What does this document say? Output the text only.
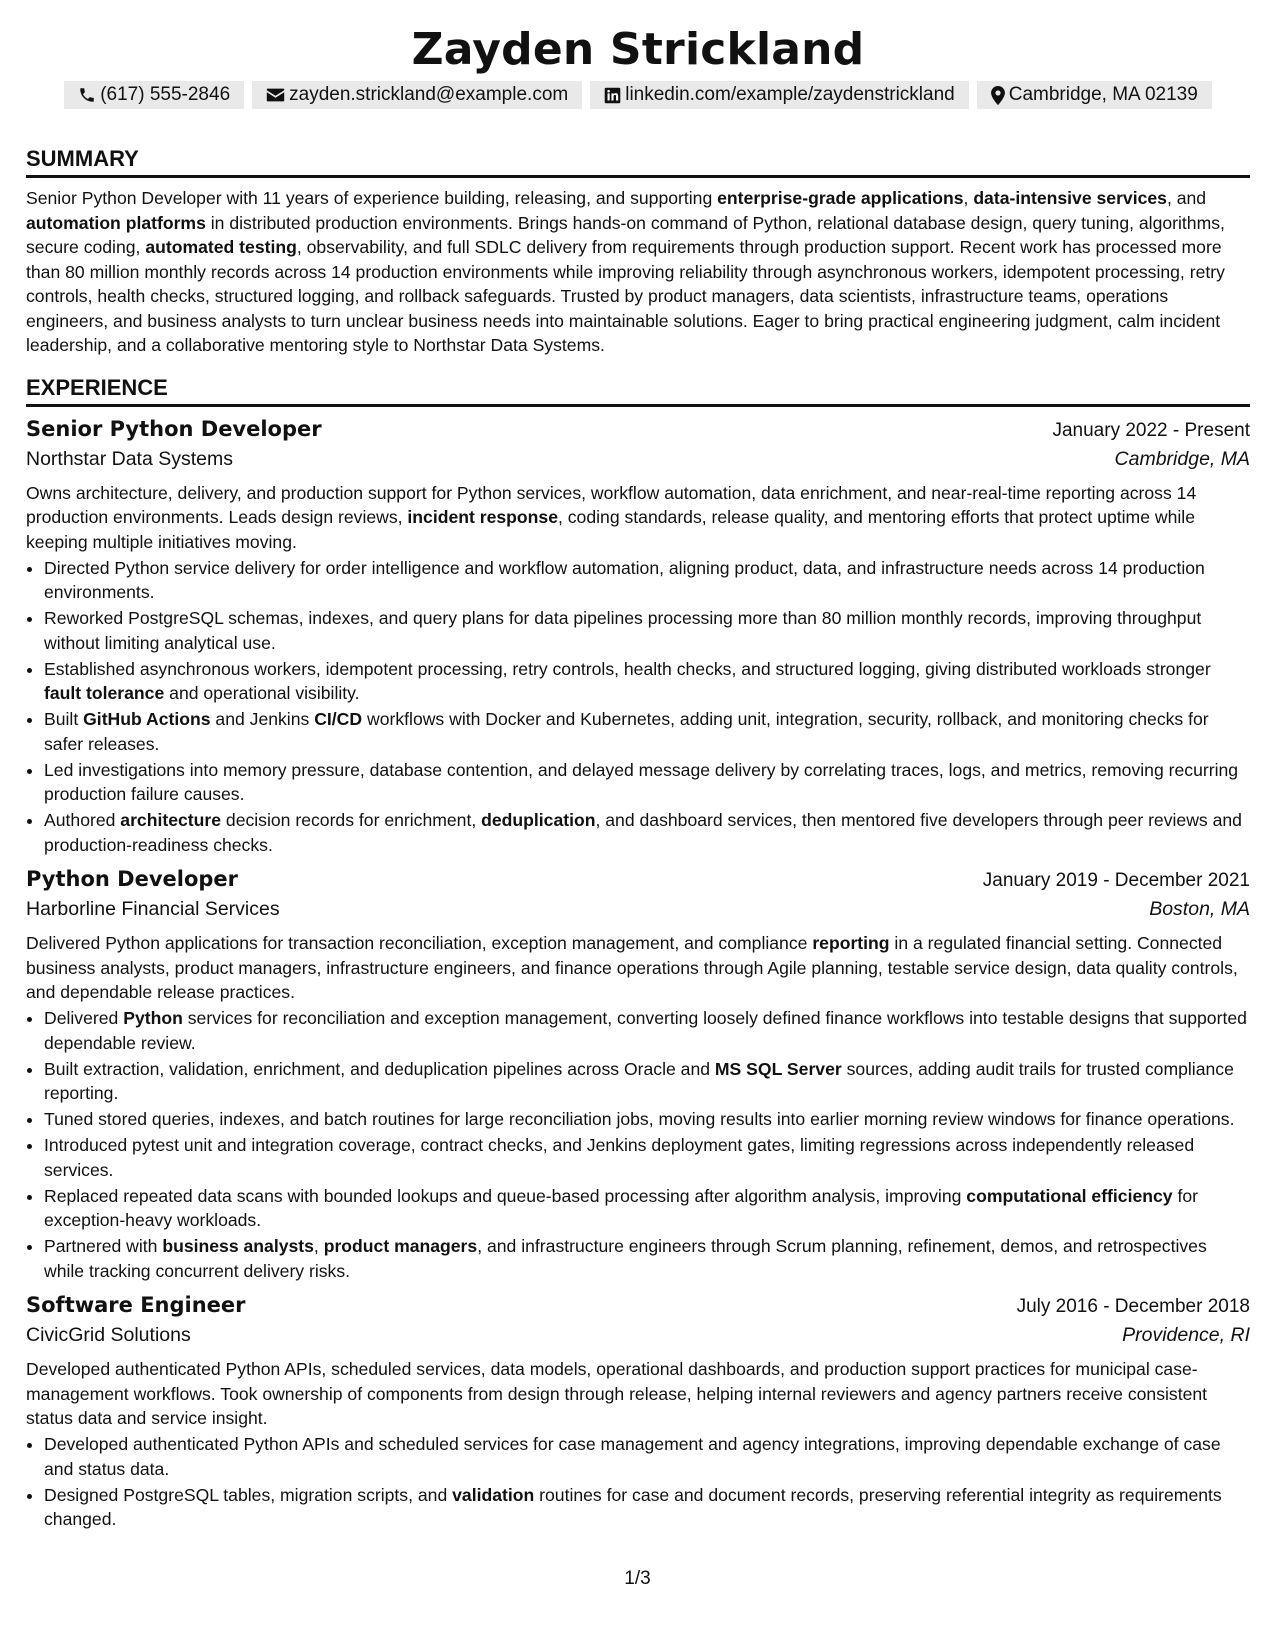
Zayden Strickland
(617) 555-2846	zayden.strickland@example.com	linkedin.com/example/zaydenstrickland	Cambridge, MA 02139
SUMMARY

Senior Python Developer with 11 years of experience building, releasing, and supporting enterprise-grade applications, data-intensive services, and automation platforms in distributed production environments. Brings hands-on command of Python, relational database design, query tuning, algorithms, secure coding, automated testing, observability, and full SDLC delivery from requirements through production support. Recent work has processed more than 80 million monthly records across 14 production environments while improving reliability through asynchronous workers, idempotent processing, retry controls, health checks, structured logging, and rollback safeguards. Trusted by product managers, data scientists, infrastructure teams, operations engineers, and business analysts to turn unclear business needs into maintainable solutions. Eager to bring practical engineering judgment, calm incident leadership, and a collaborative mentoring style to Northstar Data Systems.

EXPERIENCE
Senior Python Developer	January 2022 - Present
Northstar Data Systems	Cambridge, MA

Owns architecture, delivery, and production support for Python services, workflow automation, data enrichment, and near-real-time reporting across 14 production environments. Leads design reviews, incident response, coding standards, release quality, and mentoring efforts that protect uptime while keeping multiple initiatives moving.

• Directed Python service delivery for order intelligence and workflow automation, aligning product, data, and infrastructure needs across 14 production environments.
• Reworked PostgreSQL schemas, indexes, and query plans for data pipelines processing more than 80 million monthly records, improving throughput without limiting analytical use.
• Established asynchronous workers, idempotent processing, retry controls, health checks, and structured logging, giving distributed workloads stronger fault tolerance and operational visibility.
• Built GitHub Actions and Jenkins CI/CD workflows with Docker and Kubernetes, adding unit, integration, security, rollback, and monitoring checks for safer releases.
• Led investigations into memory pressure, database contention, and delayed message delivery by correlating traces, logs, and metrics, removing recurring production failure causes.
• Authored architecture decision records for enrichment, deduplication, and dashboard services, then mentored five developers through peer reviews and production-readiness checks.
Python Developer	January 2019 - December 2021
Harborline Financial Services	Boston, MA

Delivered Python applications for transaction reconciliation, exception management, and compliance reporting in a regulated financial setting. Connected business analysts, product managers, infrastructure engineers, and finance operations through Agile planning, testable service design, data quality controls, and dependable release practices.

• Delivered Python services for reconciliation and exception management, converting loosely defined finance workflows into testable designs that supported dependable review.
• Built extraction, validation, enrichment, and deduplication pipelines across Oracle and MS SQL Server sources, adding audit trails for trusted compliance reporting.
• Tuned stored queries, indexes, and batch routines for large reconciliation jobs, moving results into earlier morning review windows for finance operations.
• Introduced pytest unit and integration coverage, contract checks, and Jenkins deployment gates, limiting regressions across independently released services.
• Replaced repeated data scans with bounded lookups and queue-based processing after algorithm analysis, improving computational efficiency for exception-heavy workloads.
• Partnered with business analysts, product managers, and infrastructure engineers through Scrum planning, refinement, demos, and retrospectives while tracking concurrent delivery risks.
Software Engineer	July 2016 - December 2018
CivicGrid Solutions	Providence, RI

Developed authenticated Python APIs, scheduled services, data models, operational dashboards, and production support practices for municipal case-management workflows. Took ownership of components from design through release, helping internal reviewers and agency partners receive consistent status data and service insight.

• Developed authenticated Python APIs and scheduled services for case management and agency integrations, improving dependable exchange of case and status data.
• Designed PostgreSQL tables, migration scripts, and validation routines for case and document records, preserving referential integrity as requirements changed.
1/3
